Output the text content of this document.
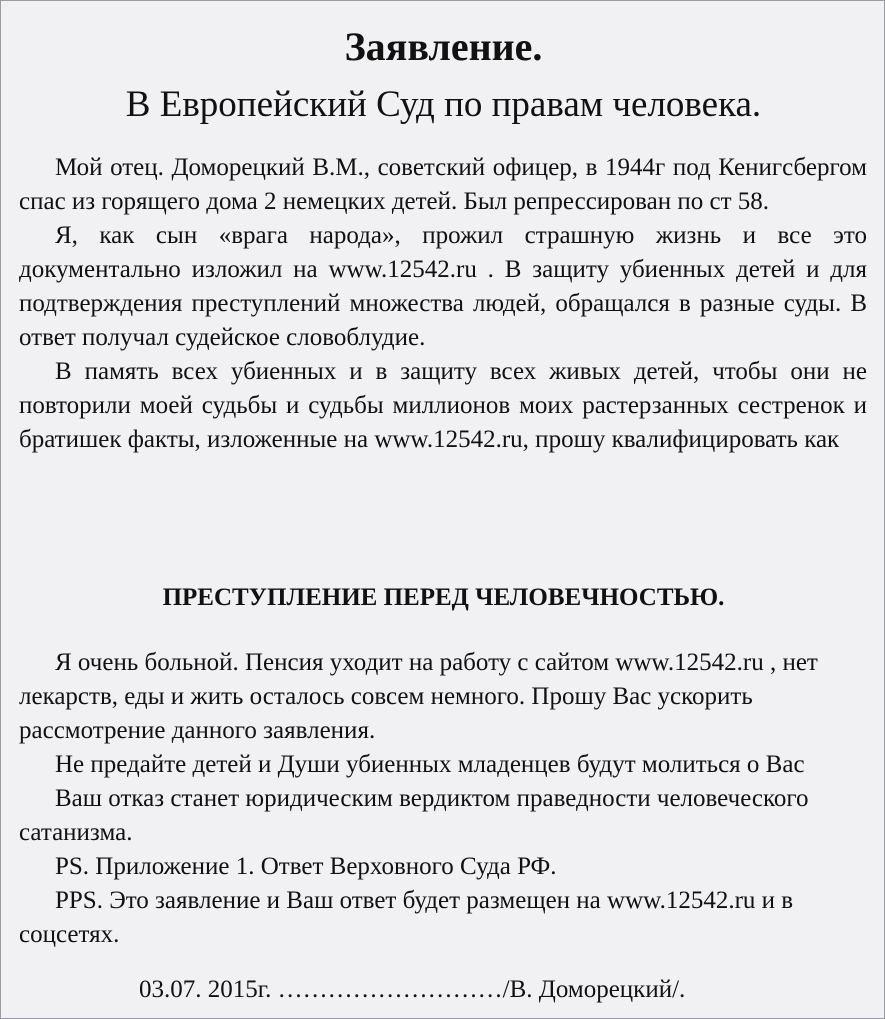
Заявление.
В Европейский Суд по правам человека.

Мой отец. Доморецкий В.М., советский офицер, в 1944г под Кенигсбергом спас из горящего дома 2 немецких детей. Был репрессирован по ст 58.

Я, как сын «врага народа», прожил страшную жизнь и все это документально изложил на www.12542.ru . В защиту убиенных детей и для подтверждения преступлений множества людей, обращался в разные суды. В ответ получал судейское словоблудие.

В память всех убиенных и в защиту всех живых детей, чтобы они не повторили моей судьбы и судьбы миллионов моих растерзанных сестренок и братишек факты, изложенные на www.12542.ru, прошу квалифицировать как

ПРЕСТУПЛЕНИЕ ПЕРЕД ЧЕЛОВЕЧНОСТЬЮ.

Я очень больной. Пенсия уходит на работу с сайтом www.12542.ru , нет лекарств, еды и жить осталось совсем немного. Прошу Вас ускорить рассмотрение данного заявления.

Не предайте детей и Души убиенных младенцев будут молиться о Вас

Ваш отказ станет юридическим вердиктом праведности человеческого сатанизма.

PS. Приложение 1. Ответ Верховного Суда РФ.

PPS. Это заявление и Ваш ответ будет размещен на www.12542.ru и в соцсетях.

03.07. 2015г. ………………………/В. Доморецкий/.
